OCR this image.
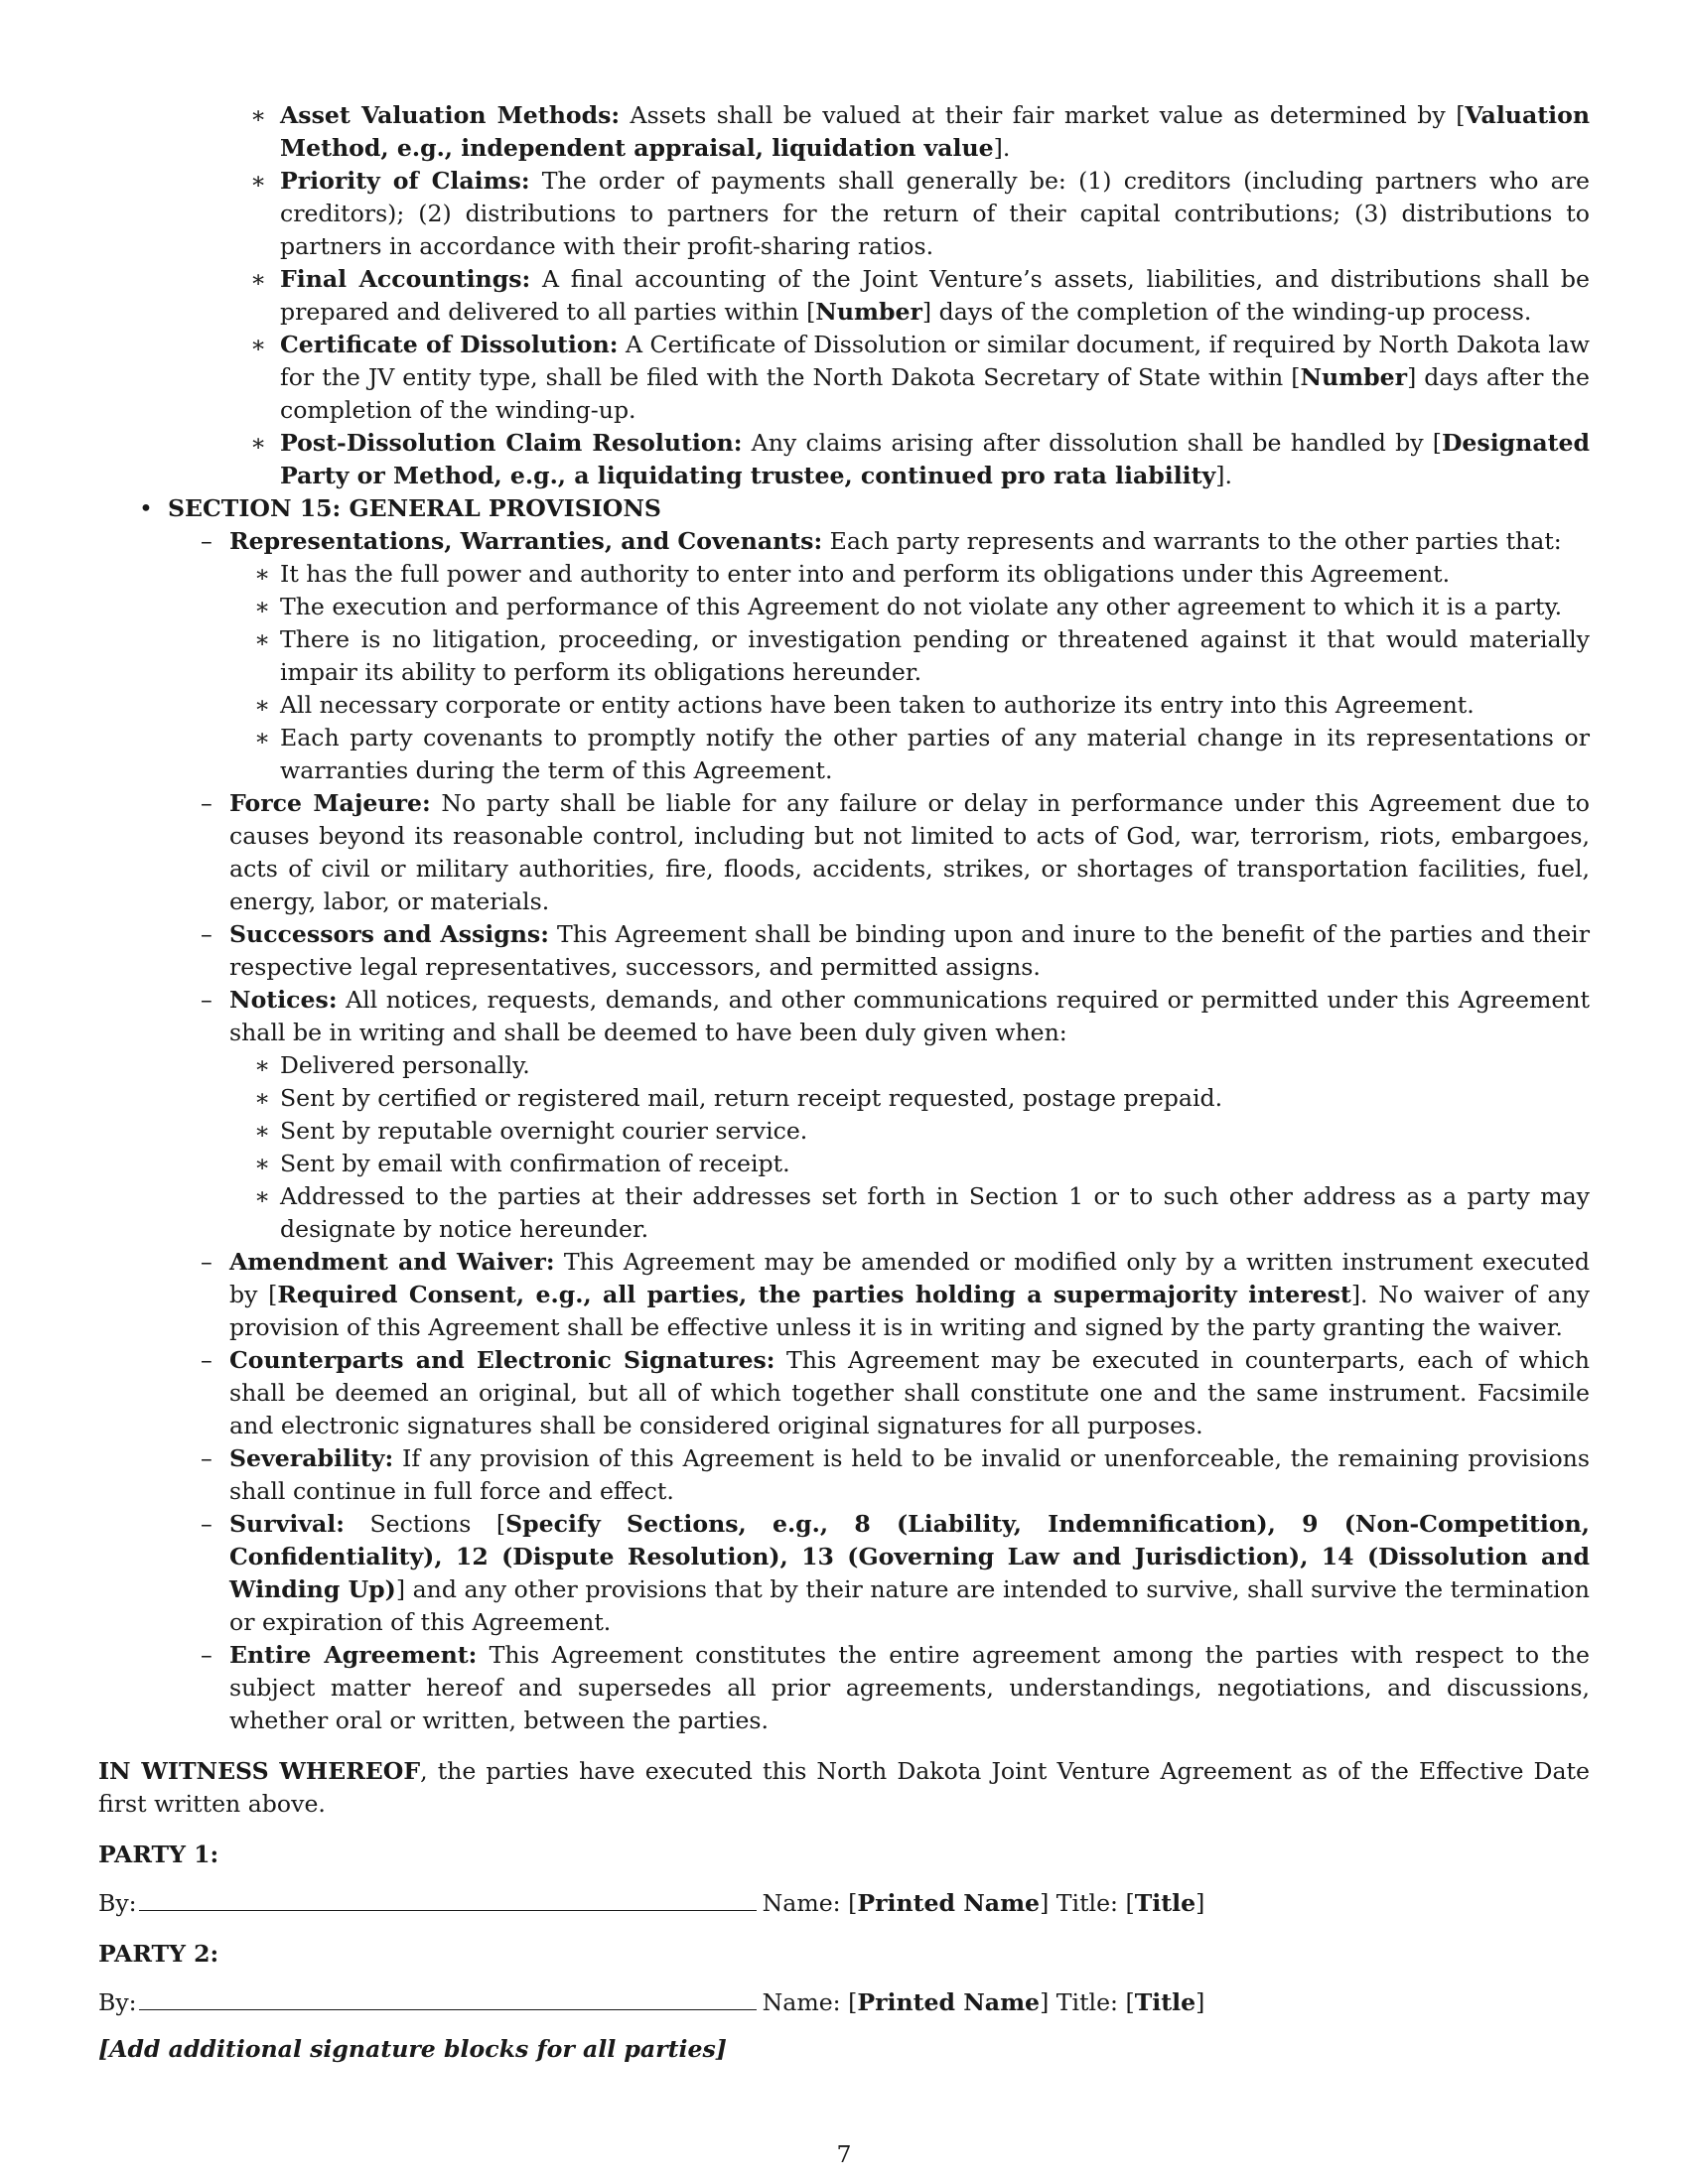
∗ Asset Valuation Methods: Assets shall be valued at their fair market value as determined by [Valuation Method, e.g., independent appraisal, liquidation value].
∗ Priority of Claims: The order of payments shall generally be: (1) creditors (including partners who are creditors); (2) distributions to partners for the return of their capital contributions; (3) distributions to partners in accordance with their profit-sharing ratios.
∗ Final Accountings: A final accounting of the Joint Venture’s assets, liabilities, and distributions shall be prepared and delivered to all parties within [Number] days of the completion of the winding-up process.
∗ Certificate of Dissolution: A Certificate of Dissolution or similar document, if required by North Dakota law for the JV entity type, shall be filed with the North Dakota Secretary of State within [Number] days after the completion of the winding-up.
∗ Post-Dissolution Claim Resolution: Any claims arising after dissolution shall be handled by [Designated Party or Method, e.g., a liquidating trustee, continued pro rata liability].
• SECTION 15: GENERAL PROVISIONS
– Representations, Warranties, and Covenants: Each party represents and warrants to the other parties that:
∗ It has the full power and authority to enter into and perform its obligations under this Agreement.
∗ The execution and performance of this Agreement do not violate any other agreement to which it is a party.
∗ There is no litigation, proceeding, or investigation pending or threatened against it that would materially impair its ability to perform its obligations hereunder.
∗ All necessary corporate or entity actions have been taken to authorize its entry into this Agreement.
∗ Each party covenants to promptly notify the other parties of any material change in its representations or warranties during the term of this Agreement.
– Force Majeure: No party shall be liable for any failure or delay in performance under this Agreement due to causes beyond its reasonable control, including but not limited to acts of God, war, terrorism, riots, embargoes, acts of civil or military authorities, fire, floods, accidents, strikes, or shortages of transportation facilities, fuel, energy, labor, or materials.
– Successors and Assigns: This Agreement shall be binding upon and inure to the benefit of the parties and their respective legal representatives, successors, and permitted assigns.
– Notices: All notices, requests, demands, and other communications required or permitted under this Agreement shall be in writing and shall be deemed to have been duly given when:
∗ Delivered personally.
∗ Sent by certified or registered mail, return receipt requested, postage prepaid.
∗ Sent by reputable overnight courier service.
∗ Sent by email with confirmation of receipt.
∗ Addressed to the parties at their addresses set forth in Section 1 or to such other address as a party may designate by notice hereunder.
– Amendment and Waiver: This Agreement may be amended or modified only by a written instrument executed by [Required Consent, e.g., all parties, the parties holding a supermajority interest]. No waiver of any provision of this Agreement shall be effective unless it is in writing and signed by the party granting the waiver.
– Counterparts and Electronic Signatures: This Agreement may be executed in counterparts, each of which shall be deemed an original, but all of which together shall constitute one and the same instrument. Facsimile and electronic signatures shall be considered original signatures for all purposes.
– Severability: If any provision of this Agreement is held to be invalid or unenforceable, the remaining provisions shall continue in full force and effect.
– Survival: Sections [Specify Sections, e.g., 8 (Liability, Indemnification), 9 (Non-Competition, Confidentiality), 12 (Dispute Resolution), 13 (Governing Law and Jurisdiction), 14 (Dissolution and Winding Up)] and any other provisions that by their nature are intended to survive, shall survive the termination or expiration of this Agreement.
– Entire Agreement: This Agreement constitutes the entire agreement among the parties with respect to the subject matter hereof and supersedes all prior agreements, understandings, negotiations, and discussions, whether oral or written, between the parties.

IN WITNESS WHEREOF, the parties have executed this North Dakota Joint Venture Agreement as of the Effective Date first written above.

PARTY 1:
By:	Name: [Printed Name] Title: [Title]
PARTY 2:
By:	Name: [Printed Name] Title: [Title]
[Add additional signature blocks for all parties]
7
